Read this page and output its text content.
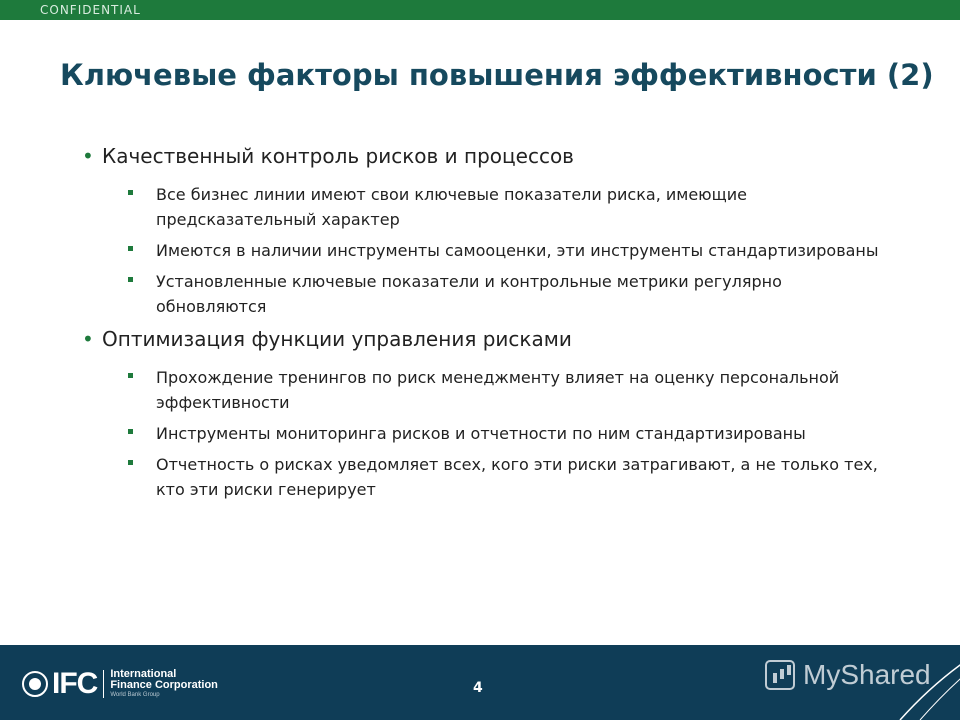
CONFIDENTIAL
Ключевые факторы повышения эффективности (2)
• Качественный контроль рисков и процессов
Все бизнес линии имеют свои ключевые показатели риска, имеющие предсказательный характер
Имеются в наличии инструменты самооценки, эти инструменты стандартизированы
Установленные ключевые показатели и контрольные метрики регулярно обновляются
• Оптимизация функции управления рисками
Прохождение тренингов по риск менеджменту влияет на оценку персональной эффективности
Инструменты мониторинга рисков и отчетности по ним стандартизированы
Отчетность о рисках уведомляет всех, кого эти риски затрагивают, а не только тех, кто эти риски генерирует
IFC International
Finance Corporation
World Bank Group	4	MyShared
